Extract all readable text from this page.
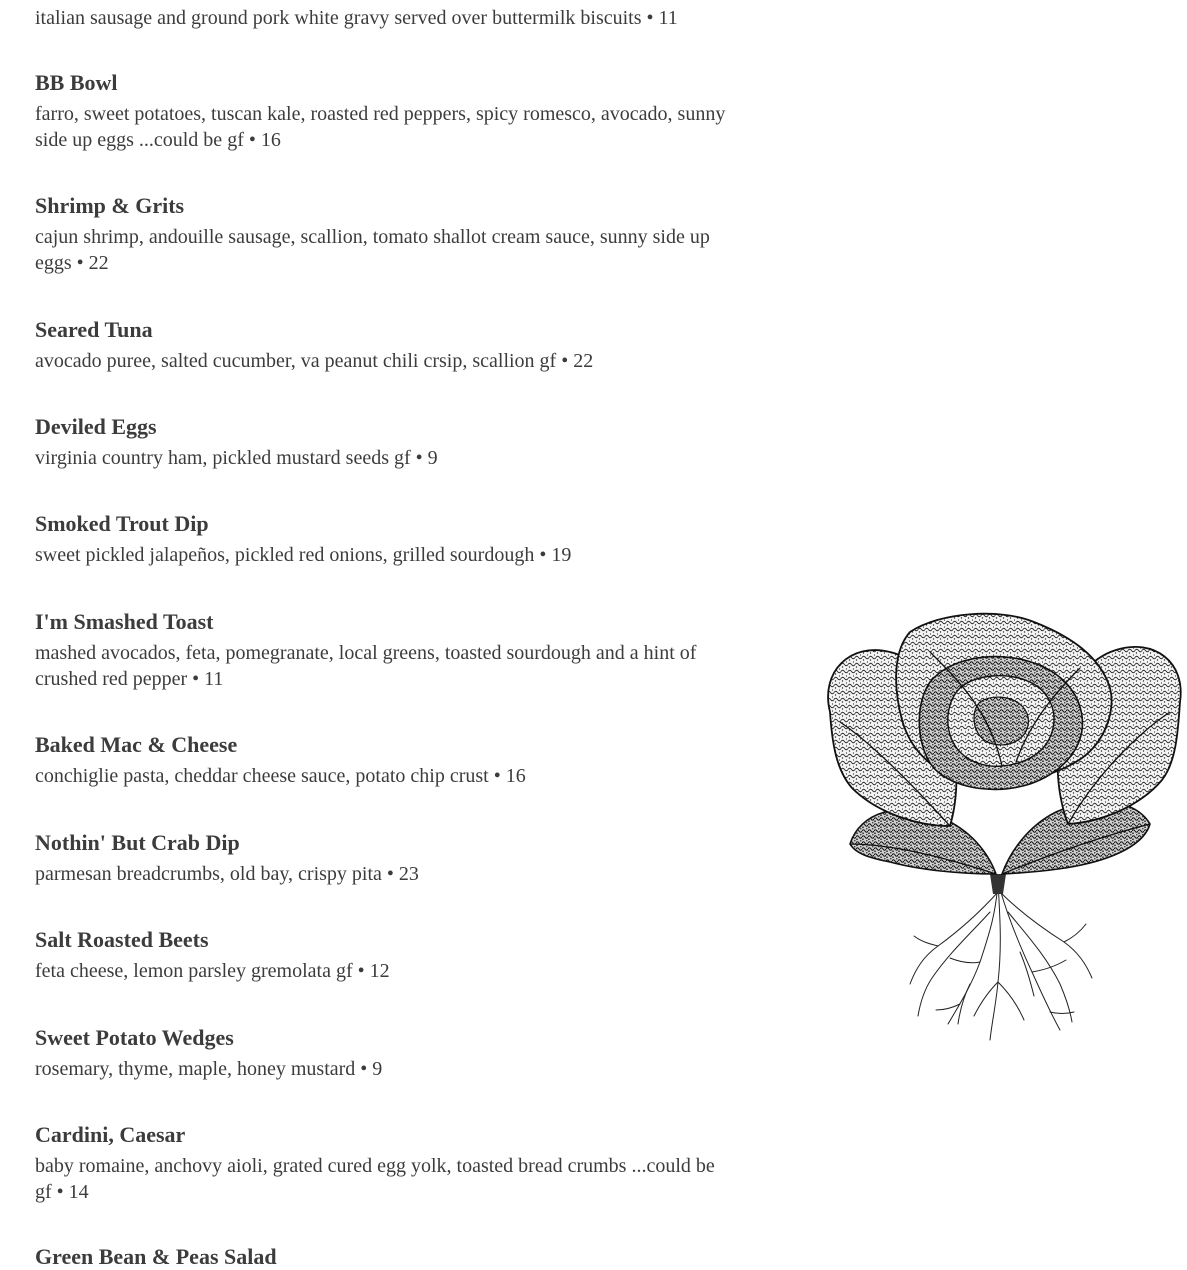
italian sausage and ground pork white gravy served over buttermilk biscuits • 11

BB Bowl

farro, sweet potatoes, tuscan kale, roasted red peppers, spicy romesco, avocado, sunny side up eggs ...could be gf • 16

Shrimp & Grits

cajun shrimp, andouille sausage, scallion, tomato shallot cream sauce, sunny side up eggs • 22

Seared Tuna

avocado puree, salted cucumber, va peanut chili crsip, scallion gf • 22

Deviled Eggs

virginia country ham, pickled mustard seeds gf • 9

Smoked Trout Dip

sweet pickled jalapeños, pickled red onions, grilled sourdough • 19

I'm Smashed Toast

mashed avocados, feta, pomegranate, local greens, toasted sourdough and a hint of crushed red pepper • 11

Baked Mac & Cheese

conchiglie pasta, cheddar cheese sauce, potato chip crust • 16

Nothin' But Crab Dip

parmesan breadcrumbs, old bay, crispy pita • 23

Salt Roasted Beets

feta cheese, lemon parsley gremolata gf • 12

Sweet Potato Wedges

rosemary, thyme, maple, honey mustard • 9

Cardini, Caesar

baby romaine, anchovy aioli, grated cured egg yolk, toasted bread crumbs ...could be gf • 14

Green Bean & Peas Salad
